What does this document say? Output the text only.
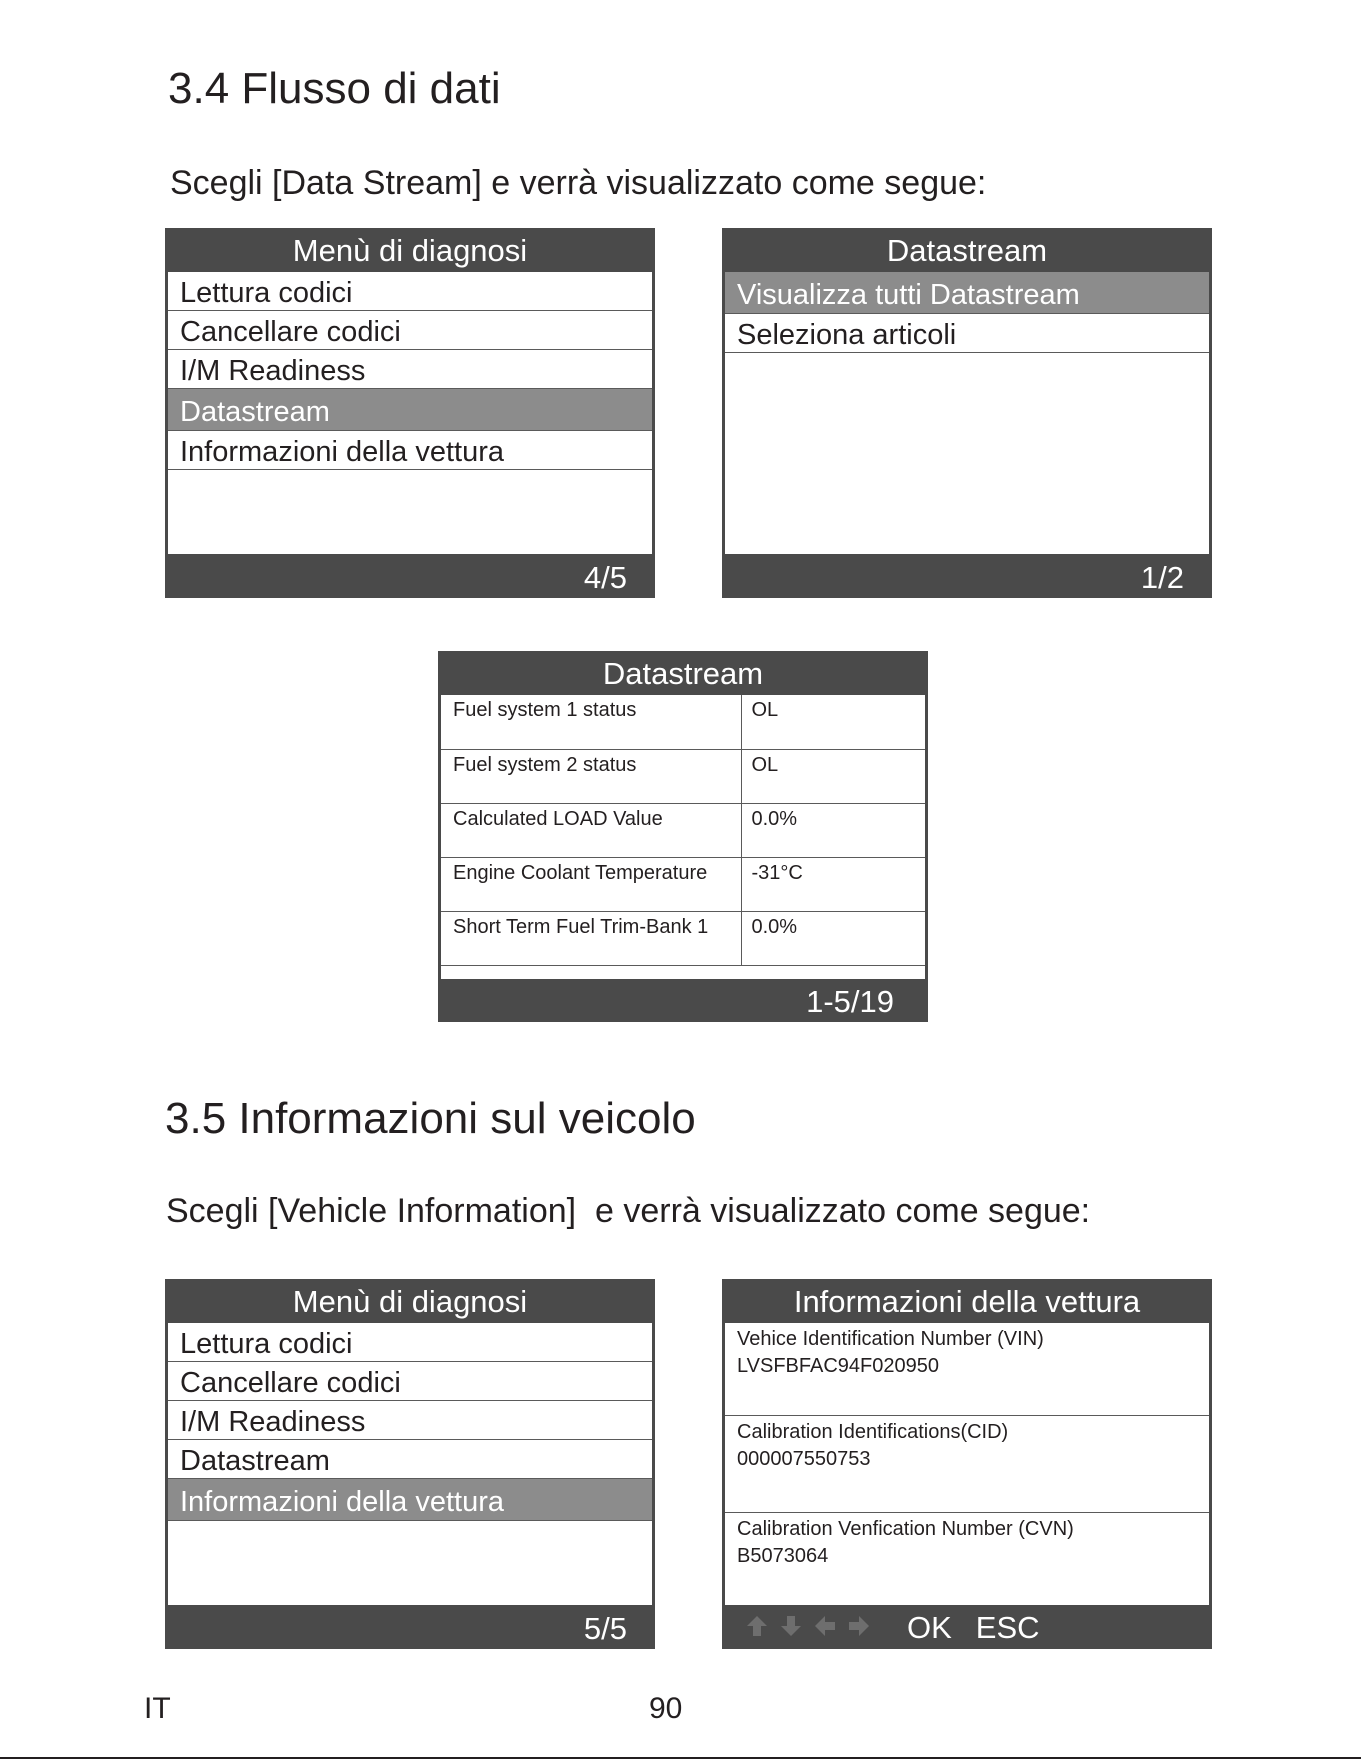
3.4 Flusso di dati

Scegli [Data Stream] e verrà visualizzato come segue:

Menù di diagnosi
Lettura codici
Cancellare codici
I/M Readiness
Datastream
Informazioni della vettura
4/5
Datastream
Visualizza tutti Datastream
Seleziona articoli
1/2
Datastream
Fuel system 1 status	OL
Fuel system 2 status	OL
Calculated LOAD Value	0.0%
Engine Coolant Temperature	-31°C
Short Term Fuel Trim-Bank 1	0.0%
1-5/19
3.5 Informazioni sul veicolo

Scegli [Vehicle Information]  e verrà visualizzato come segue:

Menù di diagnosi
Lettura codici
Cancellare codici
I/M Readiness
Datastream
Informazioni della vettura
5/5
Informazioni della vettura
Vehice Identification Number (VIN)
LVSFBFAC94F020950
Calibration Identifications(CID)
000007550753
Calibration Venfication Number (CVN)
B5073064
OK ESC
IT	90
